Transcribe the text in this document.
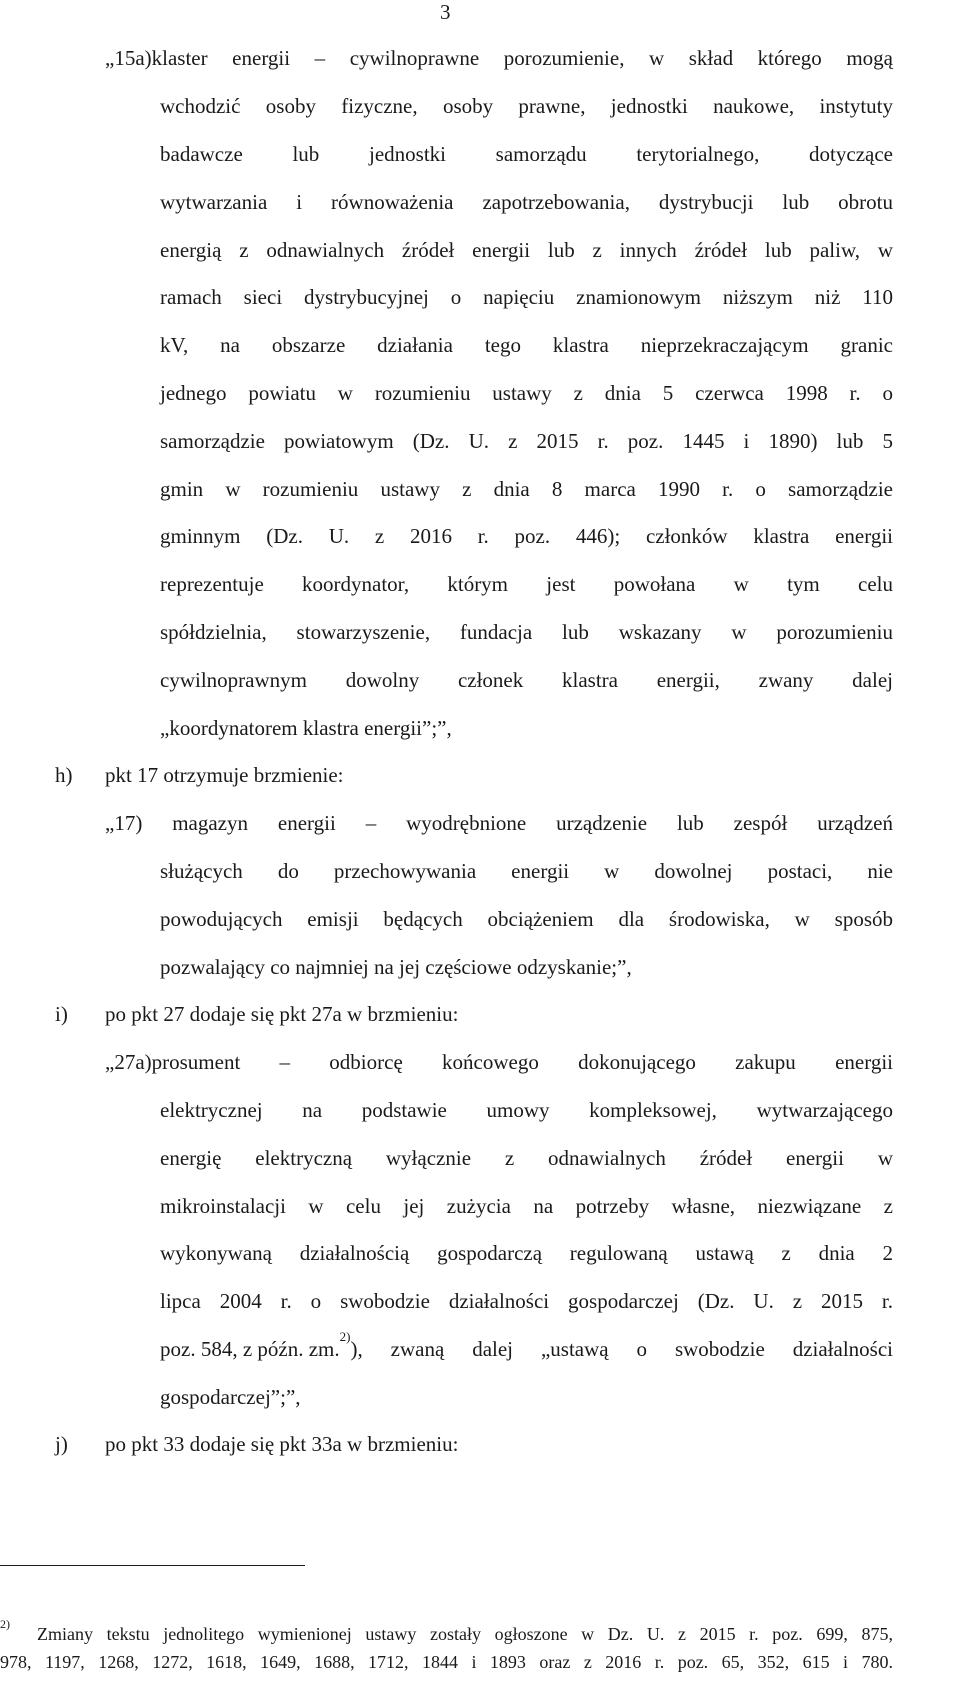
3
„15a)klaster energii – cywilnoprawne porozumienie, w skład którego mogą
wchodzić osoby fizyczne, osoby prawne, jednostki naukowe, instytuty
badawcze lub jednostki samorządu terytorialnego, dotyczące
wytwarzania i równoważenia zapotrzebowania, dystrybucji lub obrotu
energią z odnawialnych źródeł energii lub z innych źródeł lub paliw, w
ramach sieci dystrybucyjnej o napięciu znamionowym niższym niż 110
kV, na obszarze działania tego klastra nieprzekraczającym granic
jednego powiatu w rozumieniu ustawy z dnia 5 czerwca 1998 r. o
samorządzie powiatowym (Dz. U. z 2015 r. poz. 1445 i 1890) lub 5
gmin w rozumieniu ustawy z dnia 8 marca 1990 r. o samorządzie
gminnym (Dz. U. z 2016 r. poz. 446); członków klastra energii
reprezentuje koordynator, którym jest powołana w tym celu
spółdzielnia, stowarzyszenie, fundacja lub wskazany w porozumieniu
cywilnoprawnym dowolny członek klastra energii, zwany dalej
„koordynatorem klastra energii”;”,
h) pkt 17 otrzymuje brzmienie:
„17) magazyn energii – wyodrębnione urządzenie lub zespół urządzeń
służących do przechowywania energii w dowolnej postaci, nie
powodujących emisji będących obciążeniem dla środowiska, w sposób
pozwalający co najmniej na jej częściowe odzyskanie;”,
i) po pkt 27 dodaje się pkt 27a w brzmieniu:
„27a)prosument – odbiorcę końcowego dokonującego zakupu energii
elektrycznej na podstawie umowy kompleksowej, wytwarzającego
energię elektryczną wyłącznie z odnawialnych źródeł energii w
mikroinstalacji w celu jej zużycia na potrzeby własne, niezwiązane z
wykonywaną działalnością gospodarczą regulowaną ustawą z dnia 2
lipca 2004 r. o swobodzie działalności gospodarczej (Dz. U. z 2015 r.
poz. 584, z późn. zm.
2)
), zwaną dalej „ustawą o swobodzie działalności
gospodarczej”;”,
j) po pkt 33 dodaje się pkt 33a w brzmieniu:
2) Zmiany tekstu jednolitego wymienionej ustawy zostały ogłoszone w Dz. U. z 2015 r. poz. 699, 875,
978, 1197, 1268, 1272, 1618, 1649, 1688, 1712, 1844 i 1893 oraz z 2016 r. poz. 65, 352, 615 i 780.
